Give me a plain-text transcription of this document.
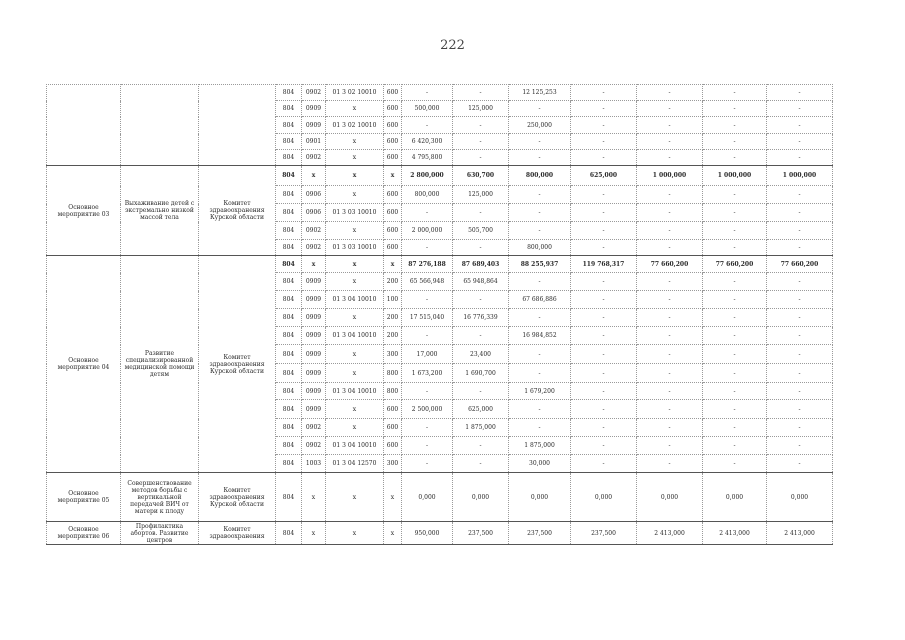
222
			804	0902	01 3 02 10010	600	-	-	12 125,253	-	-	-	-
			804	0909	х	600	500,000	125,000	-	-	-	-	-
			804	0909	01 3 02 10010	600	-	-	250,000	-	-	-	-
			804	0901	х	600	6 420,300	-	-	-	-	-	-
			804	0902	х	600	4 795,800	-	-	-	-	-	-
Основное мероприятие 03	Выхаживание детей с экстремально низкой массой тела	Комитет здравоохранения Курской области	804	х	х	х	2 800,000	630,700	800,000	625,000	1 000,000	1 000,000	1 000,000
			804	0906	х	600	800,000	125,000	-	-	-	-	-
			804	0906	01 3 03 10010	600	-	-	-	-	-	-	-
			804	0902	х	600	2 000,000	505,700	-	-	-	-	-
			804	0902	01 3 03 10010	600	-	-	800,000	-	-	-	-
Основное мероприятие 04	Развитие специализированной медицинской помощи детям	Комитет здравоохранения Курской области	804	х	х	х	87 276,188	87 689,403	88 255,937	119 768,317	77 660,200	77 660,200	77 660,200
			804	0909	х	200	65 566,948	65 948,864	-	-	-	-	-
			804	0909	01 3 04 10010	100	-	-	67 686,886	-	-	-	-
			804	0909	х	200	17 515,040	16 776,339	-	-	-	-	-
			804	0909	01 3 04 10010	200	-	-	16 984,852	-	-	-	-
			804	0909	х	300	17,000	23,400	-	-	-	-	-
			804	0909	х	800	1 673,200	1 690,700	-	-	-	-	-
			804	0909	01 3 04 10010	800	-	-	1 679,200	-	-	-	-
			804	0909	х	600	2 500,000	625,000	-	-	-	-	-
			804	0902	х	600	-	1 875,000	-	-	-	-	-
			804	0902	01 3 04 10010	600	-	-	1 875,000	-	-	-	-
			804	1003	01 3 04 12570	300	-	-	30,000	-	-	-	-
Основное мероприятие 05	Совершенствование методов борьбы с вертикальной передачей ВИЧ от матери к плоду	Комитет здравоохранения Курской области	804	х	х	х	0,000	0,000	0,000	0,000	0,000	0,000	0,000
Основное мероприятие 06	Профилактика абортов. Развитие центров	Комитет здравоохранения	804	х	х	х	950,000	237,500	237,500	237,500	2 413,000	2 413,000	2 413,000
